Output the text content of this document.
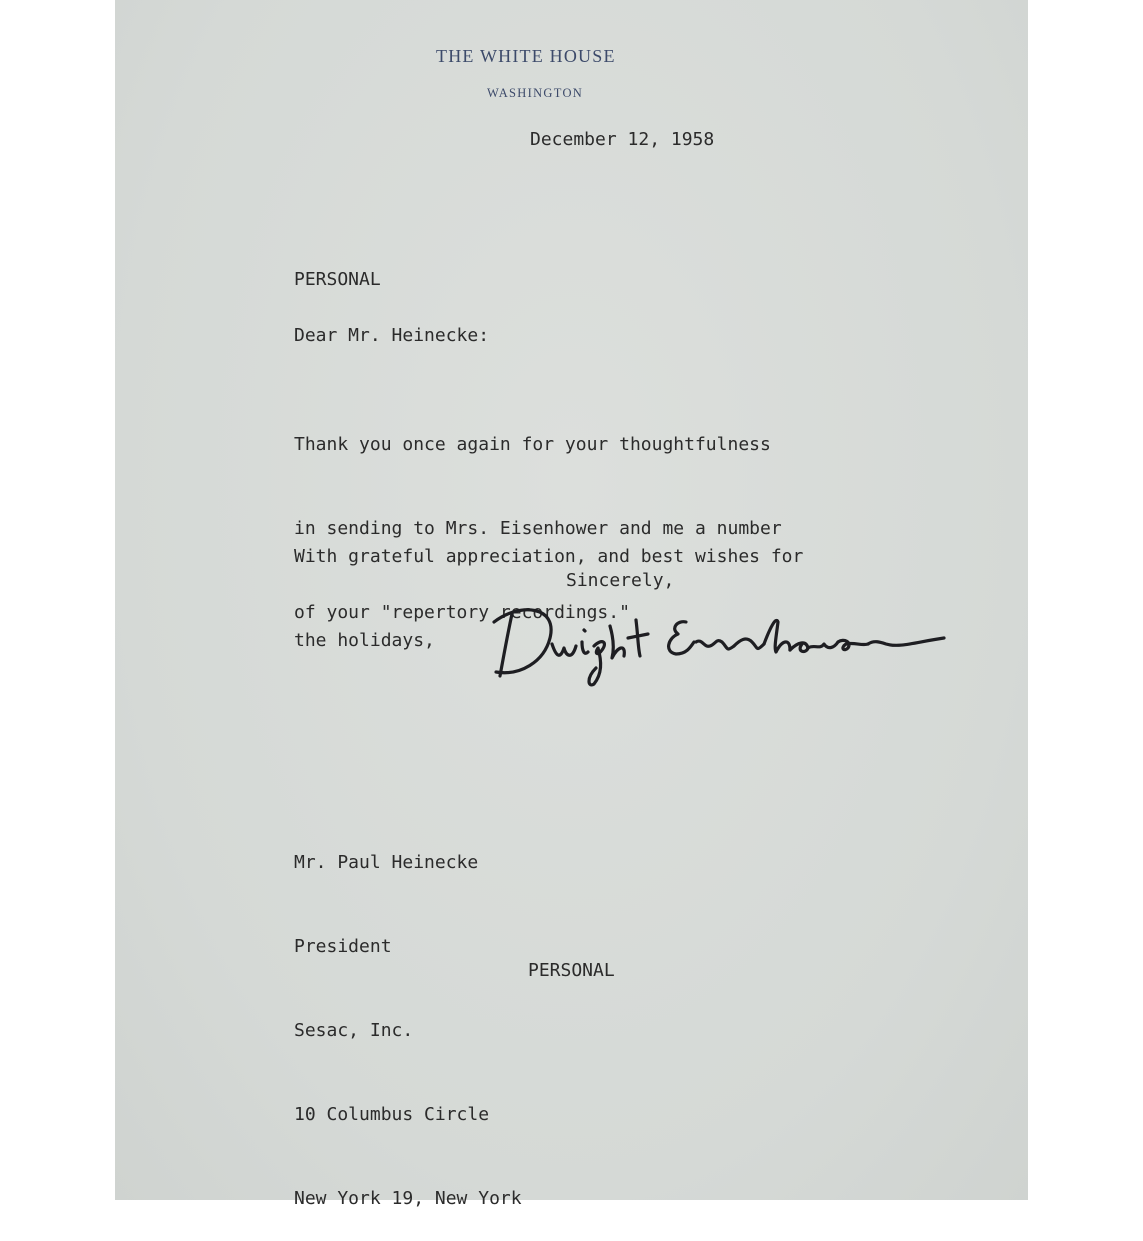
THE WHITE HOUSE
WASHINGTON
December 12, 1958
PERSONAL
Dear Mr. Heinecke:

Thank you once again for your thoughtfulness

in sending to Mrs. Eisenhower and me a number

of your "repertory recordings."

With grateful appreciation, and best wishes for

the holidays,

Sincerely,

Mr. Paul Heinecke

President

Sesac, Inc.

10 Columbus Circle

New York 19, New York

PERSONAL
